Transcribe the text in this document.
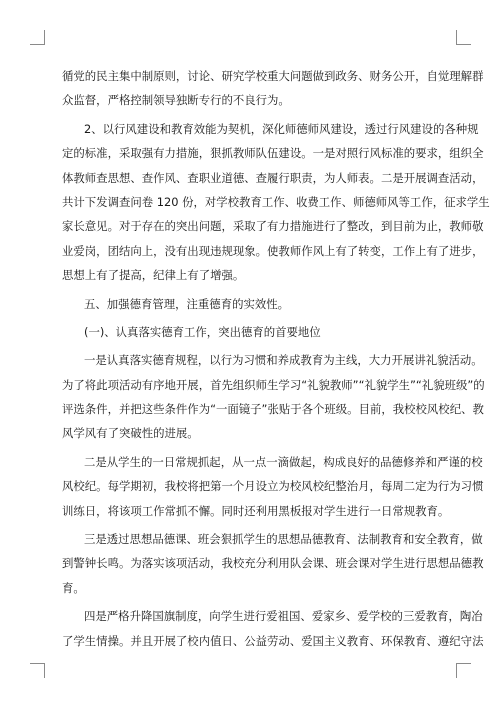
循党的民主集中制原则，讨论、研究学校重大问题做到政务、财务公开，自觉理解群
众监督，严格控制领导独断专行的不良行为。
2、以行风建设和教育效能为契机，深化师德师风建设，透过行风建设的各种规
定的标准，采取强有力措施，狠抓教师队伍建设。一是对照行风标准的要求，组织全
体教师查思想、查作风、查职业道德、查履行职责，为人师表。二是开展调查活动，
共计下发调查问卷 120 份，对学校教育工作、收费工作、师德师风等工作，征求学生
家长意见。对于存在的突出问题，采取了有力措施进行了整改，到目前为止，教师敬
业爱岗，团结向上，没有出现违规现象。使教师作风上有了转变，工作上有了进步，
思想上有了提高，纪律上有了增强。
五、加强德育管理，注重德育的实效性。
(一)、认真落实德育工作，突出德育的首要地位
一是认真落实德育规程，以行为习惯和养成教育为主线，大力开展讲礼貌活动。
为了将此项活动有序地开展，首先组织师生学习“礼貌教师”“礼貌学生”“礼貌班级”的
评选条件，并把这些条件作为“一面镜子”张贴于各个班级。目前，我校校风校纪、教
风学风有了突破性的进展。
二是从学生的一日常规抓起，从一点一滴做起，构成良好的品德修养和严谨的校
风校纪。每学期初，我校将把第一个月设立为校风校纪整治月，每周二定为行为习惯
训练日，将该项工作常抓不懈。同时还利用黑板报对学生进行一日常规教育。
三是透过思想品德课、班会狠抓学生的思想品德教育、法制教育和安全教育，做
到警钟长鸣。为落实该项活动，我校充分利用队会课、班会课对学生进行思想品德教
育。
四是严格升降国旗制度，向学生进行爱祖国、爱家乡、爱学校的三爱教育，陶冶
了学生情操。并且开展了校内值日、公益劳动、爱国主义教育、环保教育、遵纪守法
